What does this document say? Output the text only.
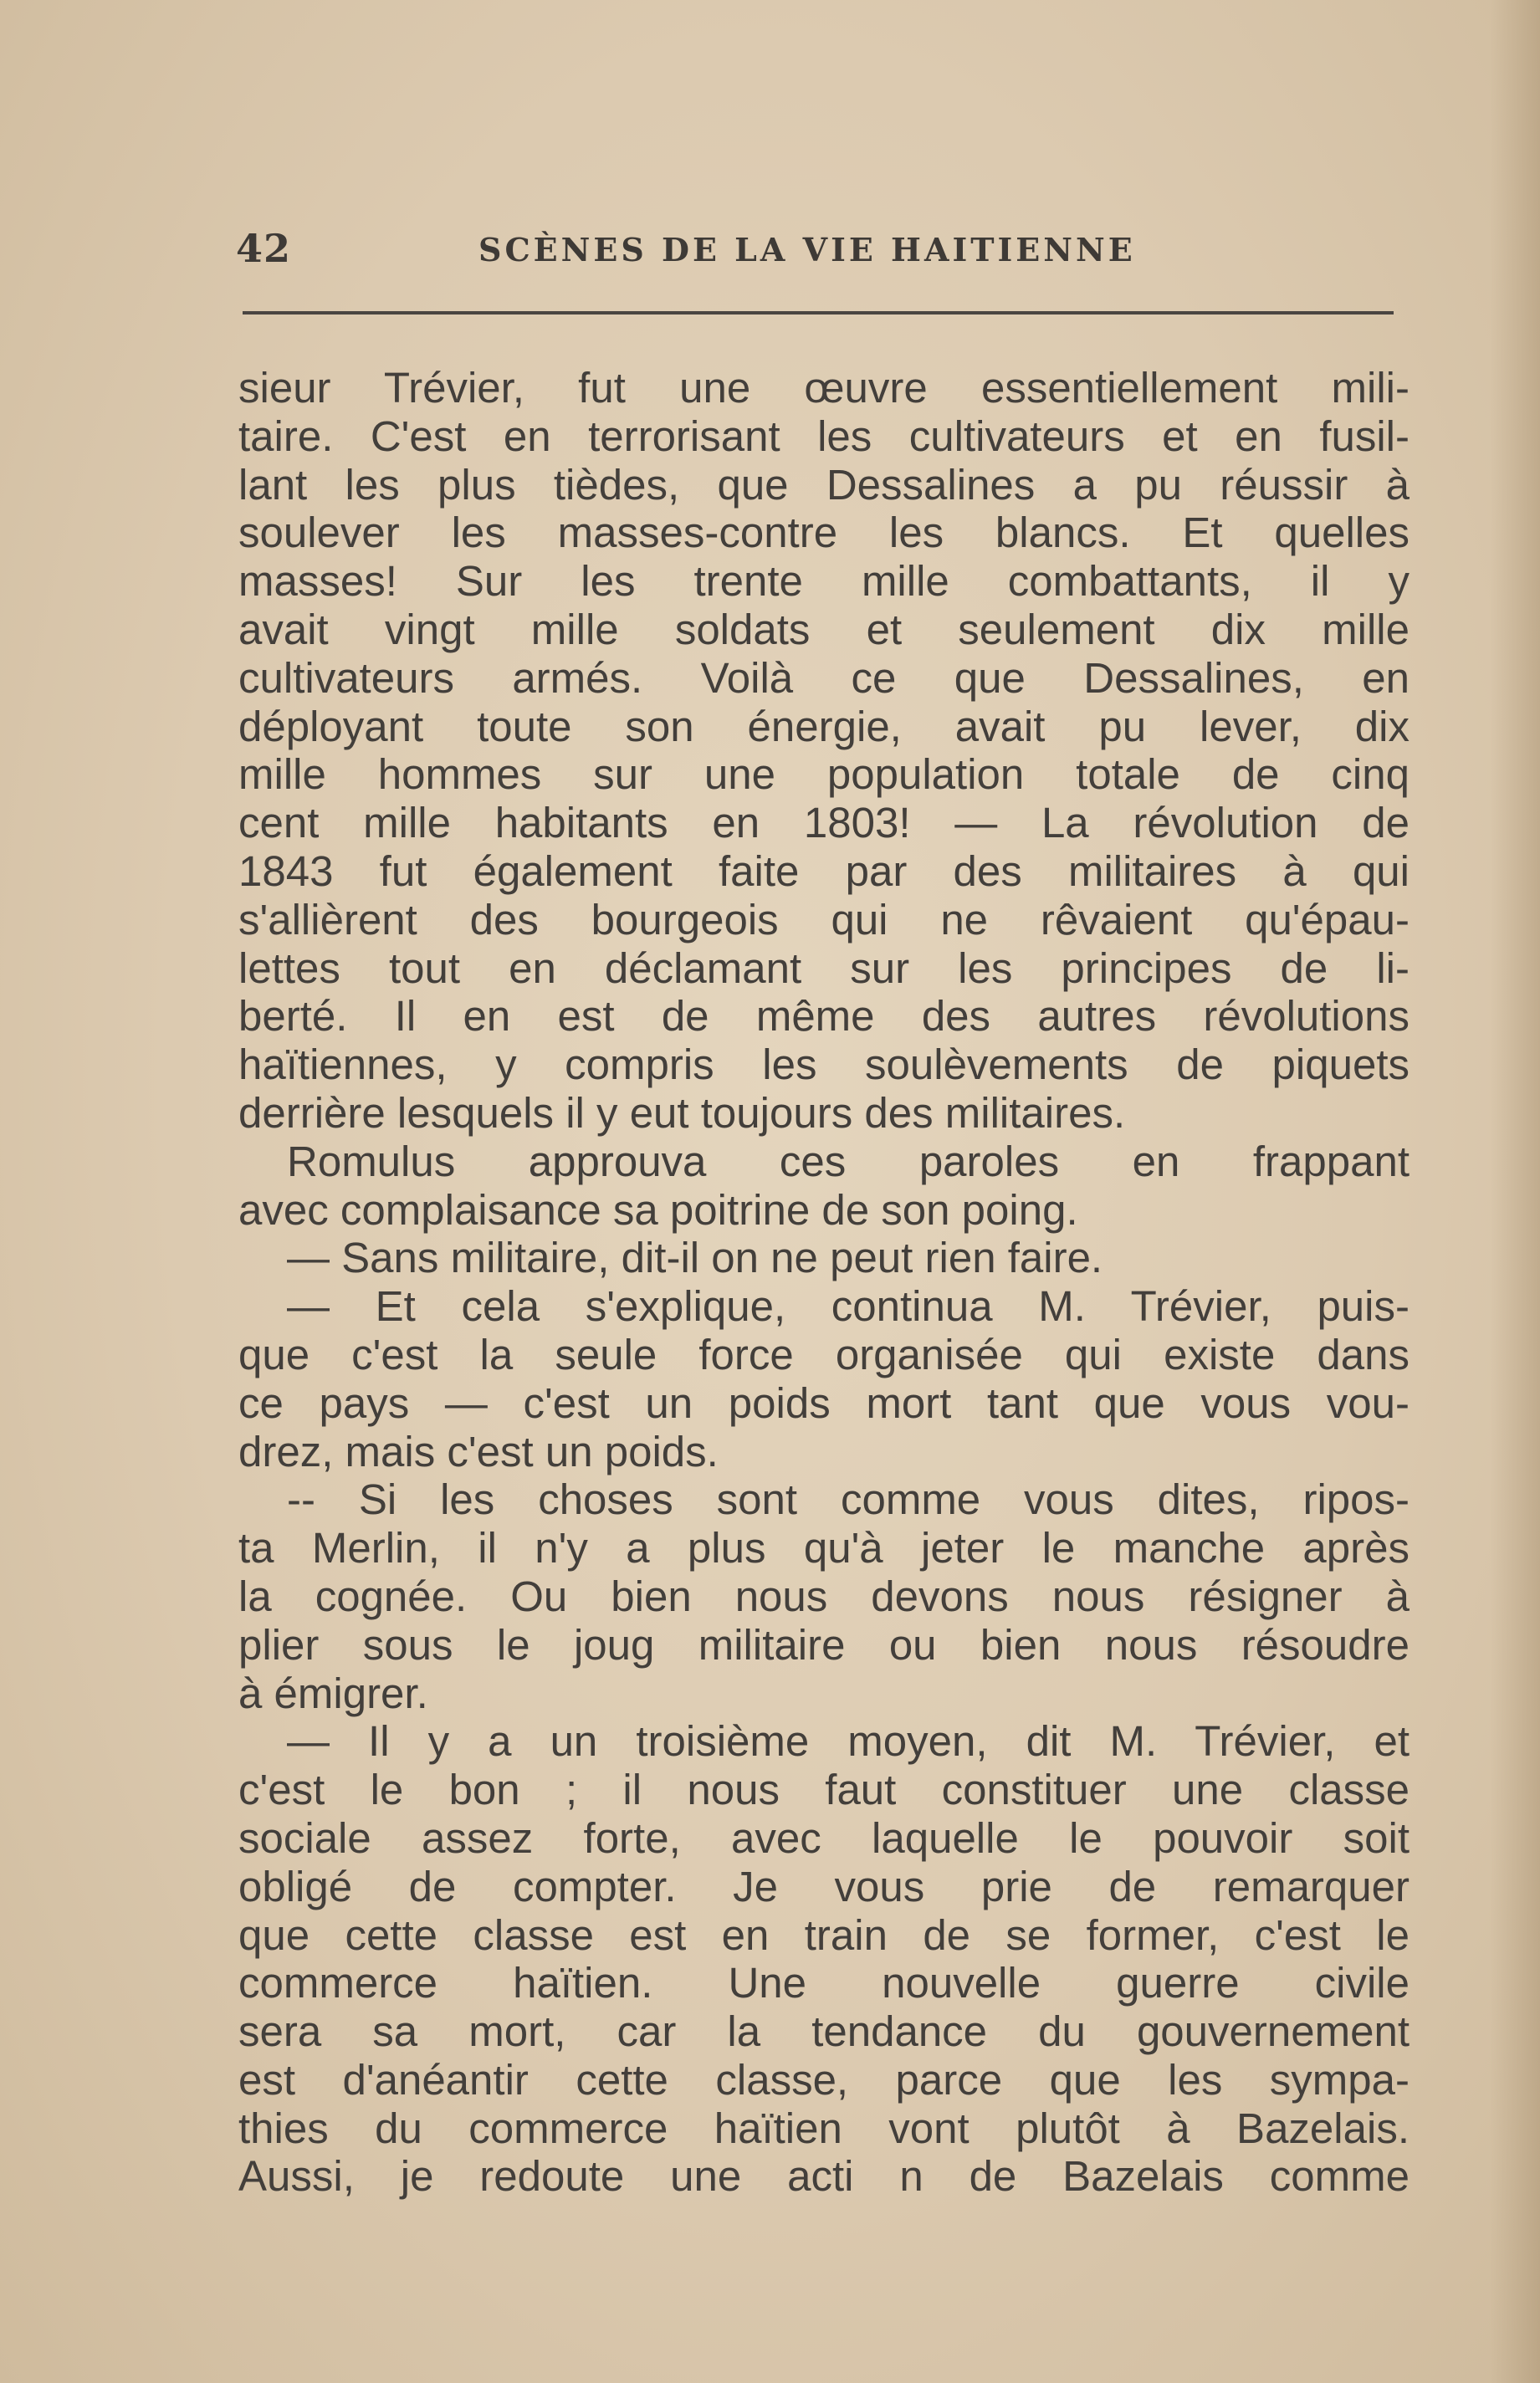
42	SCÈNES DE LA VIE HAITIENNE
sieur Trévier, fut une œuvre essentiellement mili-
taire. C'est en terrorisant les cultivateurs et en fusil-
lant les plus tièdes, que Dessalines a pu réussir à
soulever les masses-contre les blancs. Et quelles
masses! Sur les trente mille combattants, il y
avait vingt mille soldats et seulement dix mille
cultivateurs armés. Voilà ce que Dessalines, en
déployant toute son énergie, avait pu lever, dix
mille hommes sur une population totale de cinq
cent mille habitants en 1803! — La révolution de
1843 fut également faite par des militaires à qui
s'allièrent des bourgeois qui ne rêvaient qu'épau-
lettes tout en déclamant sur les principes de li-
berté. Il en est de même des autres révolutions
haïtiennes, y compris les soulèvements de piquets
derrière lesquels il y eut toujours des militaires.
Romulus approuva ces paroles en frappant
avec complaisance sa poitrine de son poing.
— Sans militaire, dit-il on ne peut rien faire.
— Et cela s'explique, continua M. Trévier, puis-
que c'est la seule force organisée qui existe dans
ce pays — c'est un poids mort tant que vous vou-
drez, mais c'est un poids.
-- Si les choses sont comme vous dites, ripos-
ta Merlin, il n'y a plus qu'à jeter le manche après
la cognée. Ou bien nous devons nous résigner à
plier sous le joug militaire ou bien nous résoudre
à émigrer.
— Il y a un troisième moyen, dit M. Trévier, et
c'est le bon ; il nous faut constituer une classe
sociale assez forte, avec laquelle le pouvoir soit
obligé de compter. Je vous prie de remarquer
que cette classe est en train de se former, c'est le
commerce haïtien. Une nouvelle guerre civile
sera sa mort, car la tendance du gouvernement
est d'anéantir cette classe, parce que les sympa-
thies du commerce haïtien vont plutôt à Bazelais.
Aussi, je redoute une acti n de Bazelais comme
